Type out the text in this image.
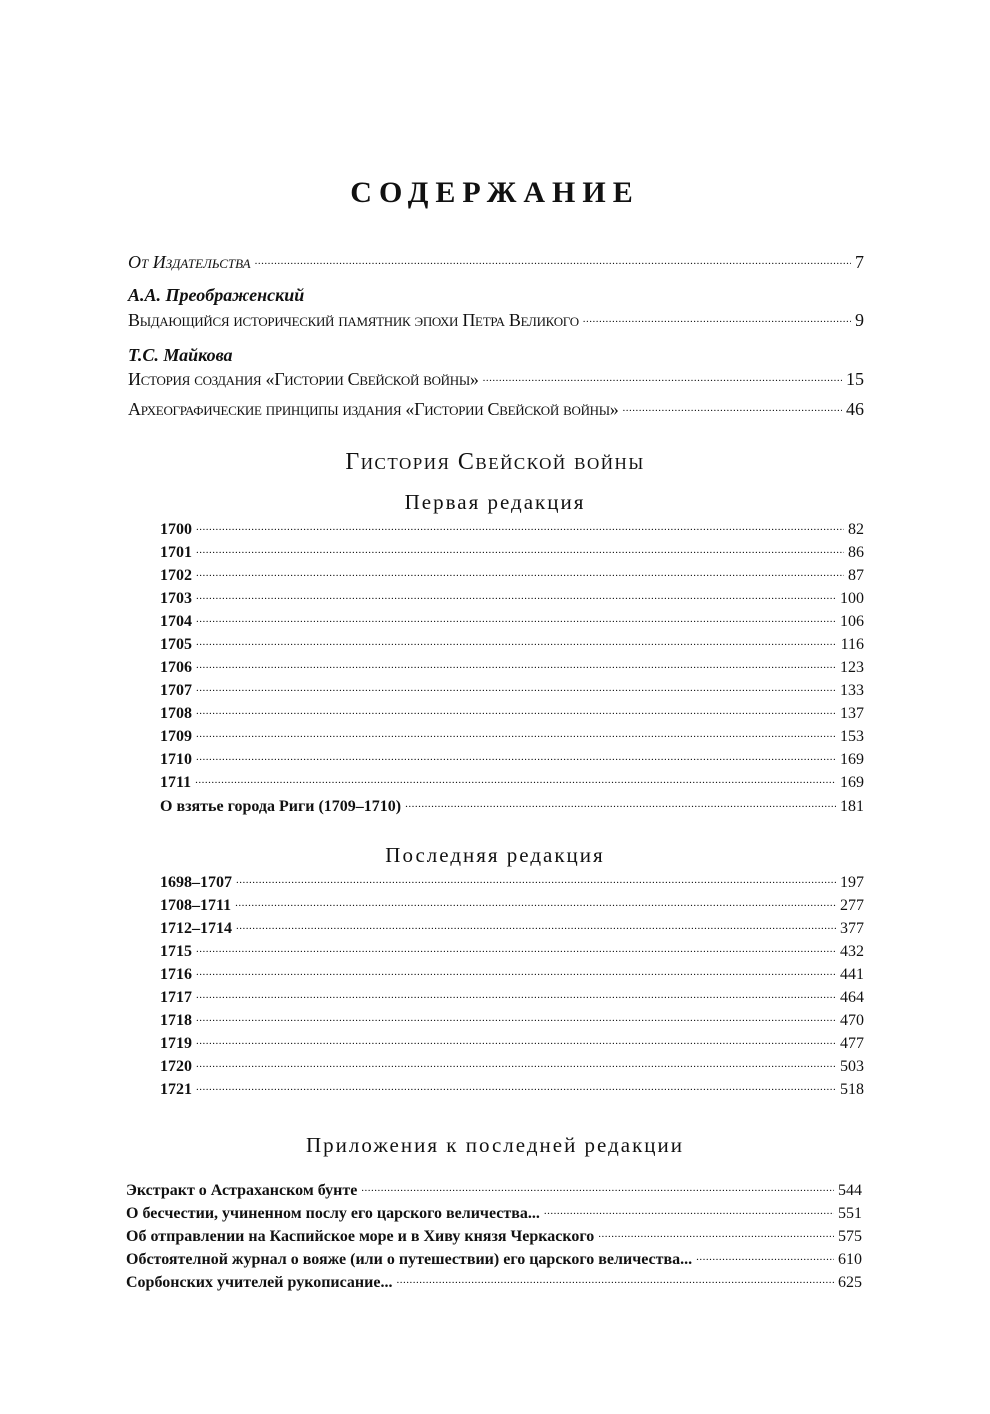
СОДЕРЖАНИЕ
От Издательства .....	7
А.А. Преображенский
Выдающийся исторический памятник эпохи Петра Великого .....	9
Т.С. Майкова
История создания «Гистории Свейской войны» .....	15
Археографические принципы издания «Гистории Свейской войны» .....	46
Гистория Свейской войны
Первая редакция
1700 .....	82
1701 .....	86
1702 .....	87
1703 .....	100
1704 .....	106
1705 .....	116
1706 .....	123
1707 .....	133
1708 .....	137
1709 .....	153
1710 .....	169
1711 .....	169
О взятье города Риги (1709–1710) .....	181
Последняя редакция
1698–1707 .....	197
1708–1711 .....	277
1712–1714 .....	377
1715 .....	432
1716 .....	441
1717 .....	464
1718 .....	470
1719 .....	477
1720 .....	503
1721 .....	518
Приложения к последней редакции
Экстракт о Астраханском бунте .....	544
О бесчестии, учиненном послу его царского величества... .....	551
Об отправлении на Каспийское море и в Хиву князя Черкаского .....	575
Обстоятелной журнал о вояже (или о путешествии) его царского величества... .....	610
Сорбонских учителей рукописание... .....	625
